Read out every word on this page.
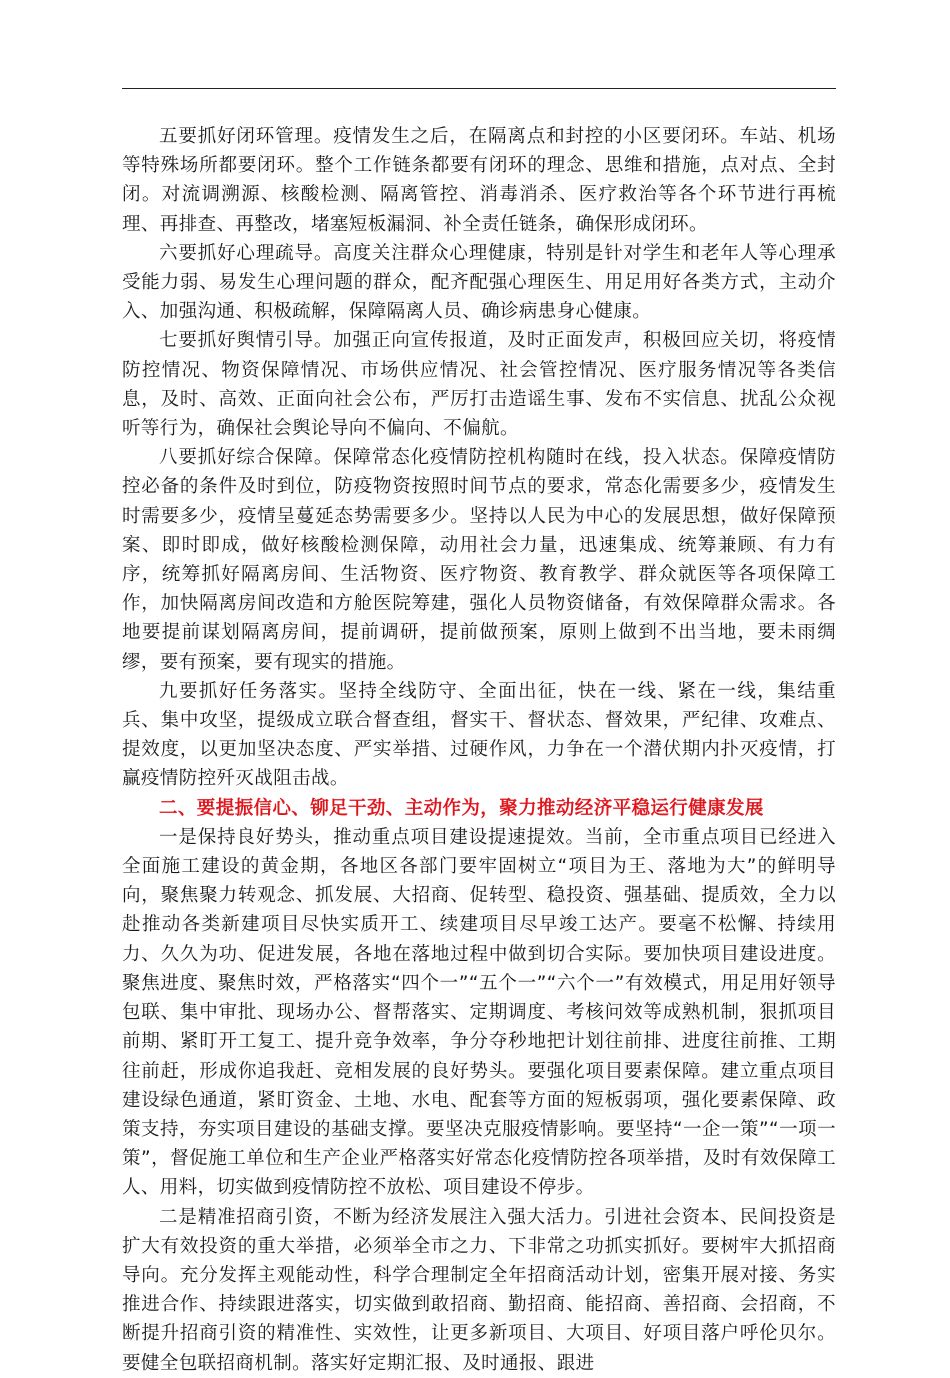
五要抓好闭环管理。疫情发生之后，在隔离点和封控的小区要闭环。车站、机场等特殊场所都要闭环。整个工作链条都要有闭环的理念、思维和措施，点对点、全封闭。对流调溯源、核酸检测、隔离管控、消毒消杀、医疗救治等各个环节进行再梳理、再排查、再整改，堵塞短板漏洞、补全责任链条，确保形成闭环。

六要抓好心理疏导。高度关注群众心理健康，特别是针对学生和老年人等心理承受能力弱、易发生心理问题的群众，配齐配强心理医生、用足用好各类方式，主动介入、加强沟通、积极疏解，保障隔离人员、确诊病患身心健康。

七要抓好舆情引导。加强正向宣传报道，及时正面发声，积极回应关切，将疫情防控情况、物资保障情况、市场供应情况、社会管控情况、医疗服务情况等各类信息，及时、高效、正面向社会公布，严厉打击造谣生事、发布不实信息、扰乱公众视听等行为，确保社会舆论导向不偏向、不偏航。

八要抓好综合保障。保障常态化疫情防控机构随时在线，投入状态。保障疫情防控必备的条件及时到位，防疫物资按照时间节点的要求，常态化需要多少，疫情发生时需要多少，疫情呈蔓延态势需要多少。坚持以人民为中心的发展思想，做好保障预案、即时即成，做好核酸检测保障，动用社会力量，迅速集成、统筹兼顾、有力有序，统筹抓好隔离房间、生活物资、医疗物资、教育教学、群众就医等各项保障工作，加快隔离房间改造和方舱医院筹建，强化人员物资储备，有效保障群众需求。各地要提前谋划隔离房间，提前调研，提前做预案，原则上做到不出当地，要未雨绸缪，要有预案，要有现实的措施。

九要抓好任务落实。坚持全线防守、全面出征，快在一线、紧在一线，集结重兵、集中攻坚，提级成立联合督查组，督实干、督状态、督效果，严纪律、攻难点、提效度，以更加坚决态度、严实举措、过硬作风，力争在一个潜伏期内扑灭疫情，打赢疫情防控歼灭战阻击战。

二、要提振信心、铆足干劲、主动作为，聚力推动经济平稳运行健康发展

一是保持良好势头，推动重点项目建设提速提效。当前，全市重点项目已经进入全面施工建设的黄金期，各地区各部门要牢固树立“项目为王、落地为大”的鲜明导向，聚焦聚力转观念、抓发展、大招商、促转型、稳投资、强基础、提质效，全力以赴推动各类新建项目尽快实质开工、续建项目尽早竣工达产。要毫不松懈、持续用力、久久为功、促进发展，各地在落地过程中做到切合实际。要加快项目建设进度。聚焦进度、聚焦时效，严格落实“四个一”“五个一”“六个一”有效模式，用足用好领导包联、集中审批、现场办公、督帮落实、定期调度、考核问效等成熟机制，狠抓项目前期、紧盯开工复工、提升竞争效率，争分夺秒地把计划往前排、进度往前推、工期往前赶，形成你追我赶、竞相发展的良好势头。要强化项目要素保障。建立重点项目建设绿色通道，紧盯资金、土地、水电、配套等方面的短板弱项，强化要素保障、政策支持，夯实项目建设的基础支撑。要坚决克服疫情影响。要坚持“一企一策”“一项一策”，督促施工单位和生产企业严格落实好常态化疫情防控各项举措，及时有效保障工人、用料，切实做到疫情防控不放松、项目建设不停步。

二是精准招商引资，不断为经济发展注入强大活力。引进社会资本、民间投资是扩大有效投资的重大举措，必须举全市之力、下非常之功抓实抓好。要树牢大抓招商导向。充分发挥主观能动性，科学合理制定全年招商活动计划，密集开展对接、务实推进合作、持续跟进落实，切实做到敢招商、勤招商、能招商、善招商、会招商，不断提升招商引资的精准性、实效性，让更多新项目、大项目、好项目落户呼伦贝尔。要健全包联招商机制。落实好定期汇报、及时通报、跟进
